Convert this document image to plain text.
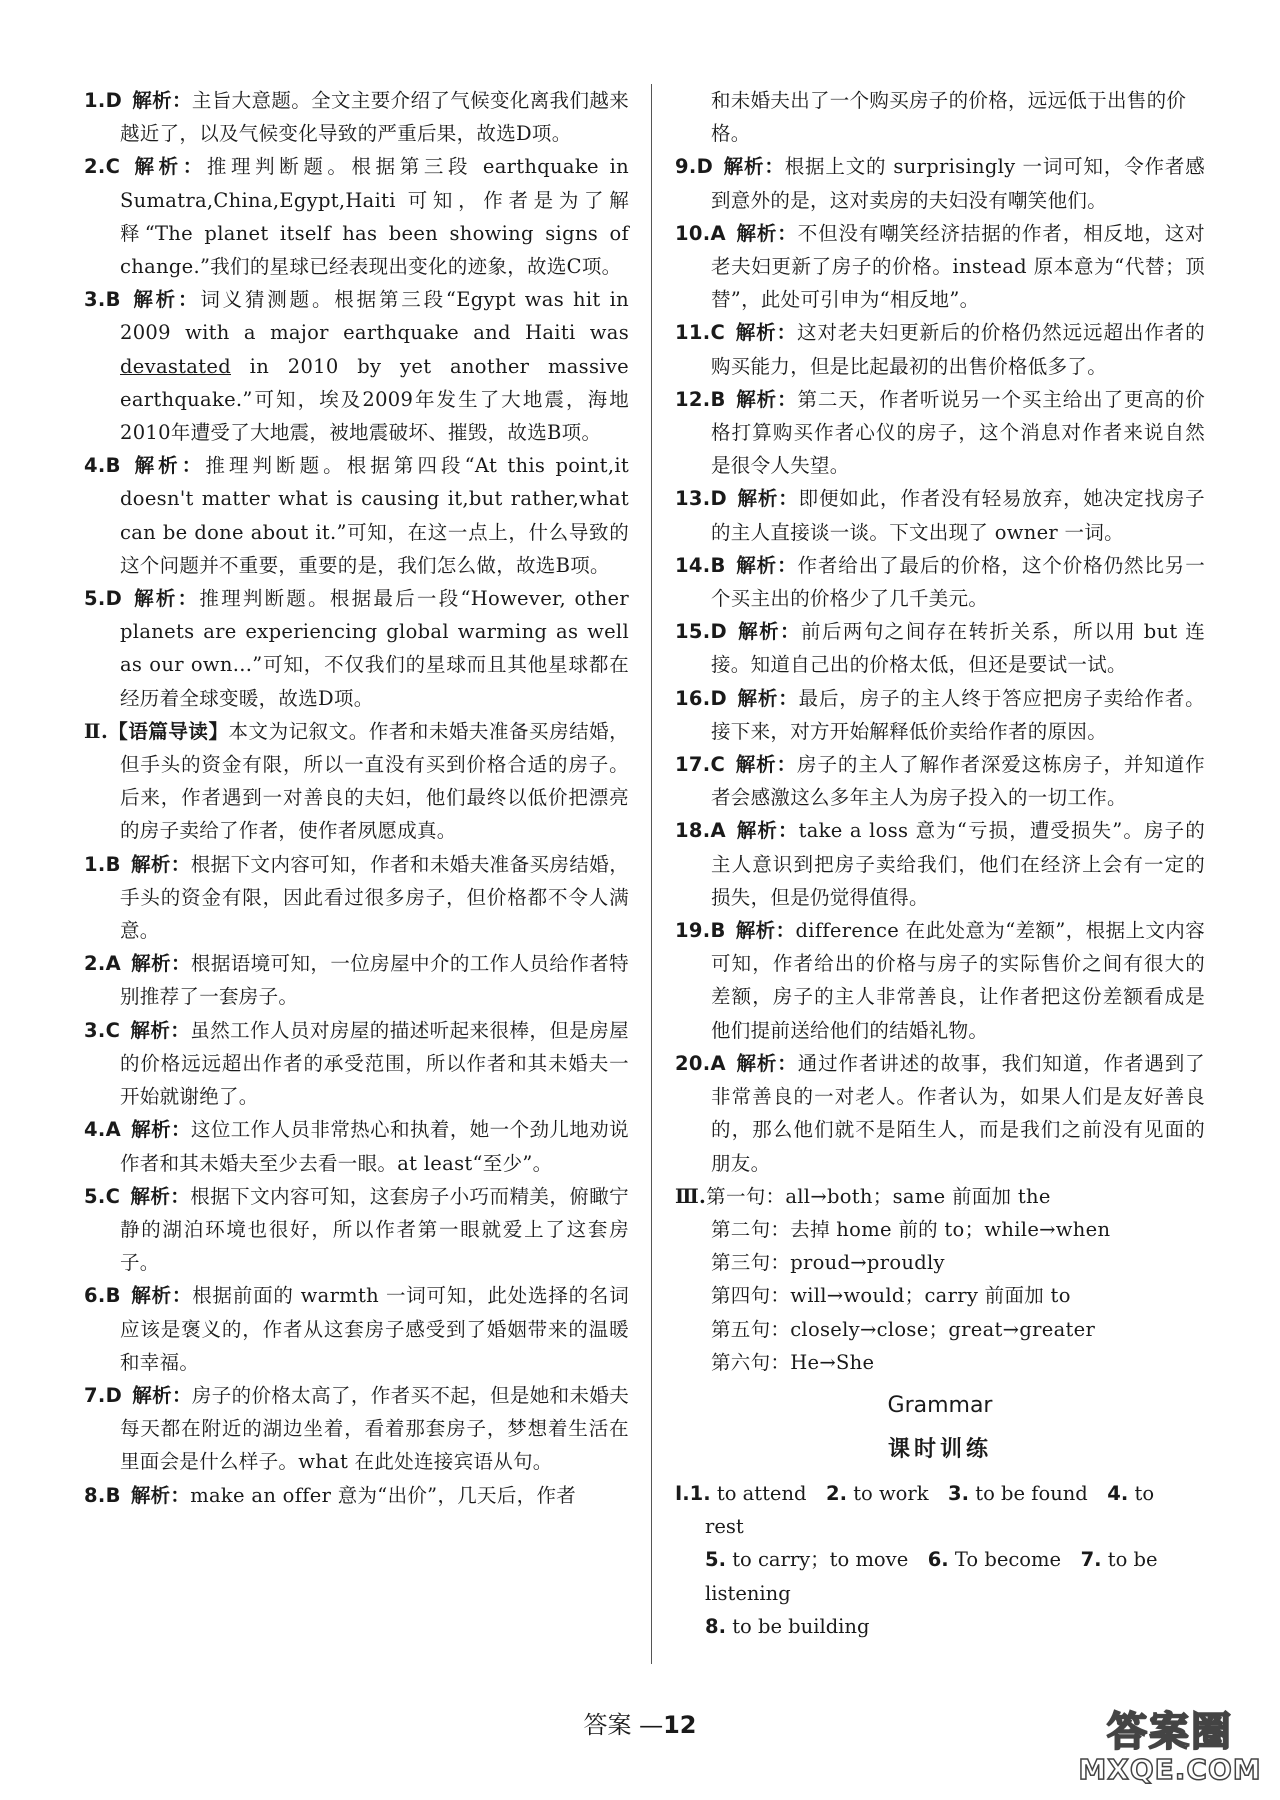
1.D  解析：主旨大意题。全文主要介绍了气候变化离我们越来越近了，以及气候变化导致的严重后果，故选D项。

2.C  解析：推理判断题。根据第三段 earthquake in Sumatra,China,Egypt,Haiti 可知，作者是为了解释“The planet itself has been showing signs of change.”我们的星球已经表现出变化的迹象，故选C项。

3.B  解析：词义猜测题。根据第三段“Egypt was hit in 2009 with a major earthquake and Haiti was devastated in 2010 by yet another massive earthquake.”可知，埃及2009年发生了大地震，海地2010年遭受了大地震，被地震破坏、摧毁，故选B项。

4.B  解析：推理判断题。根据第四段“At this point,it doesn't matter what is causing it,but rather,what can be done about it.”可知，在这一点上，什么导致的这个问题并不重要，重要的是，我们怎么做，故选B项。

5.D  解析：推理判断题。根据最后一段“However, other planets are experiencing global warming as well as our own...”可知，不仅我们的星球而且其他星球都在经历着全球变暖，故选D项。

Ⅱ.【语篇导读】本文为记叙文。作者和未婚夫准备买房结婚，但手头的资金有限，所以一直没有买到价格合适的房子。后来，作者遇到一对善良的夫妇，他们最终以低价把漂亮的房子卖给了作者，使作者夙愿成真。

1.B  解析：根据下文内容可知，作者和未婚夫准备买房结婚，手头的资金有限，因此看过很多房子，但价格都不令人满意。

2.A  解析：根据语境可知，一位房屋中介的工作人员给作者特别推荐了一套房子。

3.C  解析：虽然工作人员对房屋的描述听起来很棒，但是房屋的价格远远超出作者的承受范围，所以作者和其未婚夫一开始就谢绝了。

4.A  解析：这位工作人员非常热心和执着，她一个劲儿地劝说作者和其未婚夫至少去看一眼。at least“至少”。

5.C  解析：根据下文内容可知，这套房子小巧而精美，俯瞰宁静的湖泊环境也很好，所以作者第一眼就爱上了这套房子。

6.B  解析：根据前面的 warmth 一词可知，此处选择的名词应该是褒义的，作者从这套房子感受到了婚姻带来的温暖和幸福。

7.D  解析：房子的价格太高了，作者买不起，但是她和未婚夫每天都在附近的湖边坐着，看着那套房子，梦想着生活在里面会是什么样子。what 在此处连接宾语从句。

8.B  解析：make an offer 意为“出价”，几天后，作者

和未婚夫出了一个购买房子的价格，远远低于出售的价格。

9.D  解析：根据上文的 surprisingly 一词可知，令作者感到意外的是，这对卖房的夫妇没有嘲笑他们。

10.A  解析：不但没有嘲笑经济拮据的作者，相反地，这对老夫妇更新了房子的价格。instead 原本意为“代替；顶替”，此处可引申为“相反地”。

11.C  解析：这对老夫妇更新后的价格仍然远远超出作者的购买能力，但是比起最初的出售价格低多了。

12.B  解析：第二天，作者听说另一个买主给出了更高的价格打算购买作者心仪的房子，这个消息对作者来说自然是很令人失望。

13.D  解析：即便如此，作者没有轻易放弃，她决定找房子的主人直接谈一谈。下文出现了 owner 一词。

14.B  解析：作者给出了最后的价格，这个价格仍然比另一个买主出的价格少了几千美元。

15.D  解析：前后两句之间存在转折关系，所以用 but 连接。知道自己出的价格太低，但还是要试一试。

16.D  解析：最后，房子的主人终于答应把房子卖给作者。接下来，对方开始解释低价卖给作者的原因。

17.C  解析：房子的主人了解作者深爱这栋房子，并知道作者会感激这么多年主人为房子投入的一切工作。

18.A  解析：take a loss 意为“亏损，遭受损失”。房子的主人意识到把房子卖给我们，他们在经济上会有一定的损失，但是仍觉得值得。

19.B  解析：difference 在此处意为“差额”，根据上文内容可知，作者给出的价格与房子的实际售价之间有很大的差额，房子的主人非常善良，让作者把这份差额看成是他们提前送给他们的结婚礼物。

20.A  解析：通过作者讲述的故事，我们知道，作者遇到了非常善良的一对老人。作者认为，如果人们是友好善良的，那么他们就不是陌生人，而是我们之前没有见面的朋友。

Ⅲ.第一句：all→both；same 前面加 the

第二句：去掉 home 前的 to；while→when

第三句：proud→proudly

第四句：will→would；carry 前面加 to

第五句：closely→close；great→greater

第六句：He→She

Grammar
课时训练

Ⅰ.1. to attend  2. to work  3. to be found  4. to rest 

5. to carry；to move  6. To become  7. to be listening 

8. to be building 

答案 —12	答案圈
MXQE.COM
